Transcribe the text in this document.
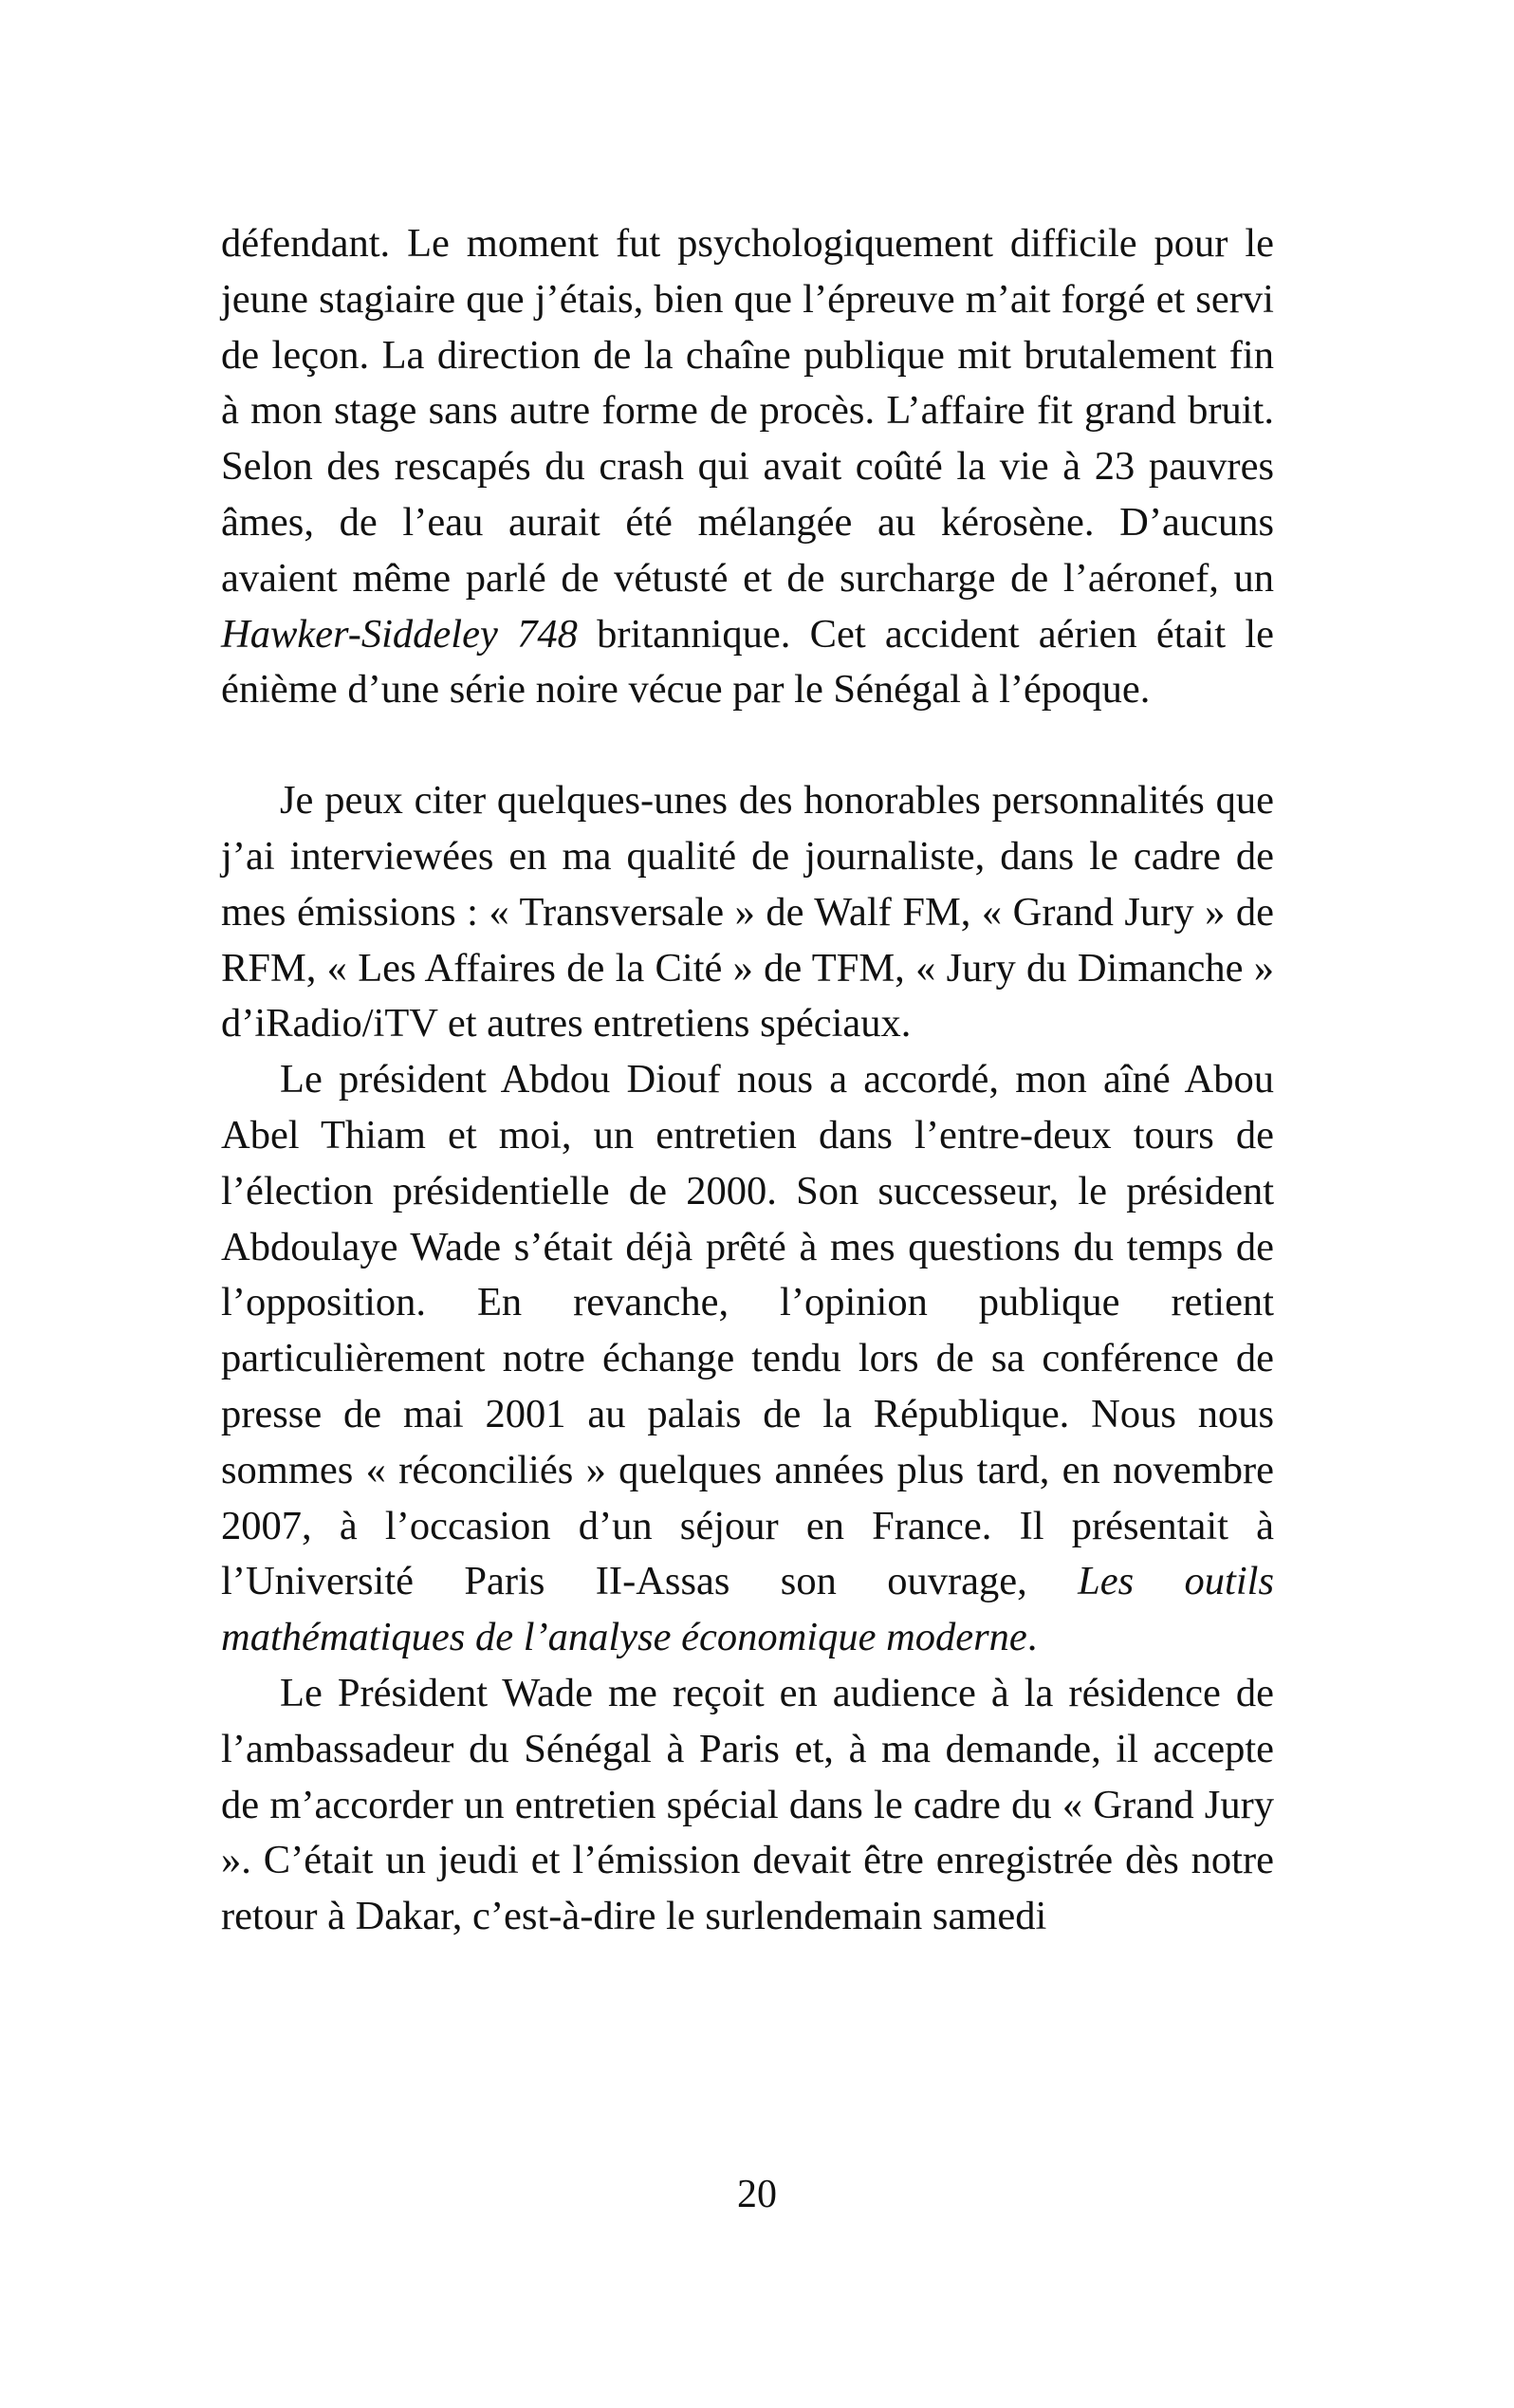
défendant. Le moment fut psychologiquement difficile pour le jeune stagiaire que j’étais, bien que l’épreuve m’ait forgé et servi de leçon. La direction de la chaîne publique mit brutalement fin à mon stage sans autre forme de procès. L’affaire fit grand bruit. Selon des rescapés du crash qui avait coûté la vie à 23 pauvres âmes, de l’eau aurait été mélangée au kérosène. D’aucuns avaient même parlé de vétusté et de surcharge de l’aéronef, un Hawker-Siddeley 748 britannique. Cet accident aérien était le énième d’une série noire vécue par le Sénégal à l’époque.

Je peux citer quelques-unes des honorables personnalités que j’ai interviewées en ma qualité de journaliste, dans le cadre de mes émissions : « Transversale » de Walf FM, « Grand Jury » de RFM, « Les Affaires de la Cité » de TFM, « Jury du Dimanche » d’iRadio/iTV et autres entretiens spéciaux.

Le président Abdou Diouf nous a accordé, mon aîné Abou Abel Thiam et moi, un entretien dans l’entre-deux tours de l’élection présidentielle de 2000. Son successeur, le président Abdoulaye Wade s’était déjà prêté à mes questions du temps de l’opposition. En revanche, l’opinion publique retient particulièrement notre échange tendu lors de sa conférence de presse de mai 2001 au palais de la République. Nous nous sommes « réconciliés » quelques années plus tard, en novembre 2007, à l’occasion d’un séjour en France. Il présentait à l’Université Paris II-Assas son ouvrage, Les outils mathématiques de l’analyse économique moderne.

Le Président Wade me reçoit en audience à la résidence de l’ambassadeur du Sénégal à Paris et, à ma demande, il accepte de m’accorder un entretien spécial dans le cadre du « Grand Jury ». C’était un jeudi et l’émission devait être enregistrée dès notre retour à Dakar, c’est-à-dire le surlendemain samedi

20
